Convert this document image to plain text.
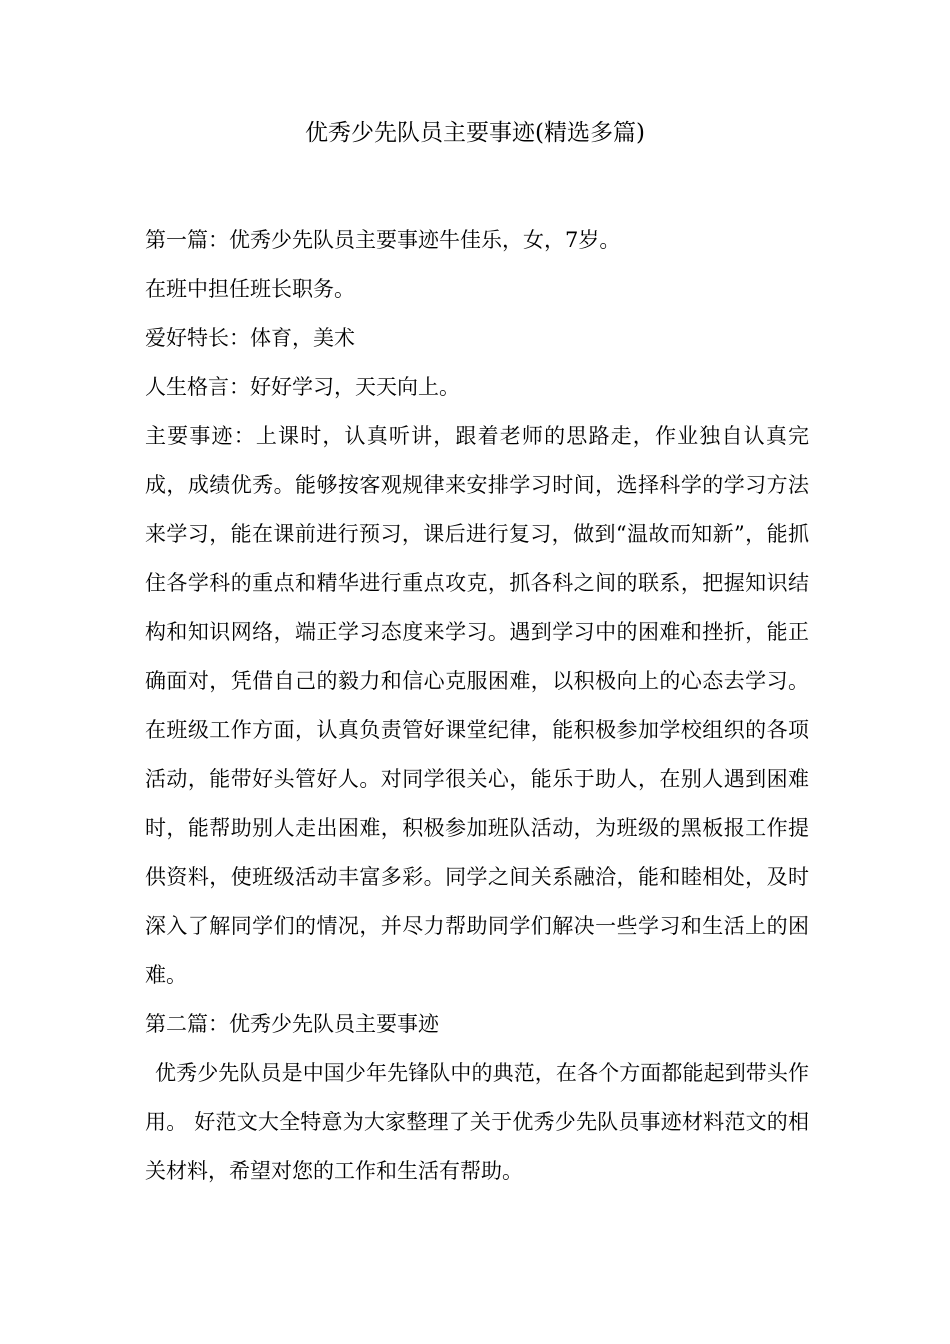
优秀少先队员主要事迹(精选多篇)

第一篇：优秀少先队员主要事迹牛佳乐，女，7岁。

在班中担任班长职务。

爱好特长：体育，美术

人生格言：好好学习，天天向上。

主要事迹：上课时，认真听讲，跟着老师的思路走，作业独自认真完成，成绩优秀。能够按客观规律来安排学习时间，选择科学的学习方法来学习，能在课前进行预习，课后进行复习，做到“温故而知新”，能抓住各学科的重点和精华进行重点攻克，抓各科之间的联系，把握知识结构和知识网络，端正学习态度来学习。遇到学习中的困难和挫折，能正确面对，凭借自己的毅力和信心克服困难，以积极向上的心态去学习。在班级工作方面，认真负责管好课堂纪律，能积极参加学校组织的各项活动，能带好头管好人。对同学很关心，能乐于助人，在别人遇到困难时，能帮助别人走出困难，积极参加班队活动，为班级的黑板报工作提供资料，使班级活动丰富多彩。同学之间关系融洽，能和睦相处，及时深入了解同学们的情况，并尽力帮助同学们解决一些学习和生活上的困难。

第二篇：优秀少先队员主要事迹

优秀少先队员是中国少年先锋队中的典范，在各个方面都能起到带头作用。 好范文大全特意为大家整理了关于优秀少先队员事迹材料范文的相关材料，希望对您的工作和生活有帮助。
